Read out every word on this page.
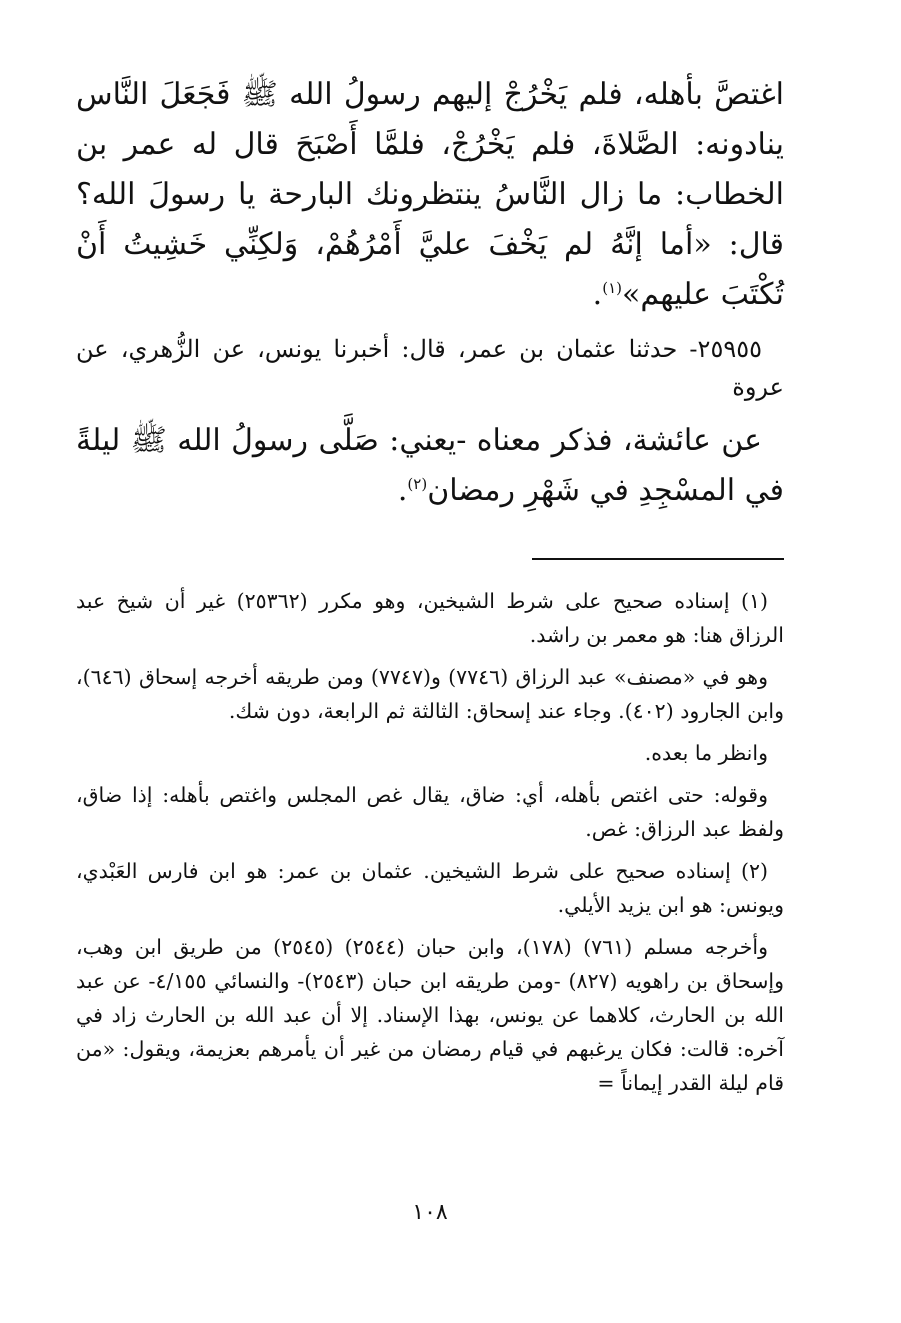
اغتصَّ بأهله، فلم يَخْرُجْ إليهم رسولُ الله ﷺ فَجَعَلَ النَّاس ينادونه: الصَّلاةَ، فلم يَخْرُجْ، فلمَّا أَصْبَحَ قال له عمر بن الخطاب: ما زال النَّاسُ ينتظرونك البارحة يا رسولَ الله؟ قال: «أما إنَّهُ لم يَخْفَ عليَّ أَمْرُهُمْ، وَلكِنِّي خَشِيتُ أَنْ تُكْتَبَ عليهم»$^{(١)}$.

٢٥٩٥٥- حدثنا عثمان بن عمر، قال: أخبرنا يونس، عن الزُّهري، عن عروة

عن عائشة، فذكر معناه -يعني: صَلَّى رسولُ الله ﷺ ليلةً في المسْجِدِ في شَهْرِ رمضان$^{(٢)}$.

(١) إسناده صحيح على شرط الشيخين، وهو مكرر (٢٥٣٦٢) غير أن شيخ عبد الرزاق هنا: هو معمر بن راشد.

وهو في «مصنف» عبد الرزاق (٧٧٤٦) و(٧٧٤٧) ومن طريقه أخرجه إسحاق (٦٤٦)، وابن الجارود (٤٠٢). وجاء عند إسحاق: الثالثة ثم الرابعة، دون شك.

وانظر ما بعده.

وقوله: حتى اغتص بأهله، أي: ضاق، يقال غص المجلس واغتص بأهله: إذا ضاق، ولفظ عبد الرزاق: غص.

(٢) إسناده صحيح على شرط الشيخين. عثمان بن عمر: هو ابن فارس العَبْدي، ويونس: هو ابن يزيد الأيلي.

وأخرجه مسلم (٧٦١) (١٧٨)، وابن حبان (٢٥٤٤) (٢٥٤٥) من طريق ابن وهب، وإسحاق بن راهويه (٨٢٧) -ومن طريقه ابن حبان (٢٥٤٣)- والنسائي ٤/١٥٥- عن عبد الله بن الحارث، كلاهما عن يونس، بهذا الإسناد. إلا أن عبد الله بن الحارث زاد في آخره: قالت: فكان يرغبهم في قيام رمضان من غير أن يأمرهم بعزيمة، ويقول: «من قام ليلة القدر إيماناً =

١٠٨
